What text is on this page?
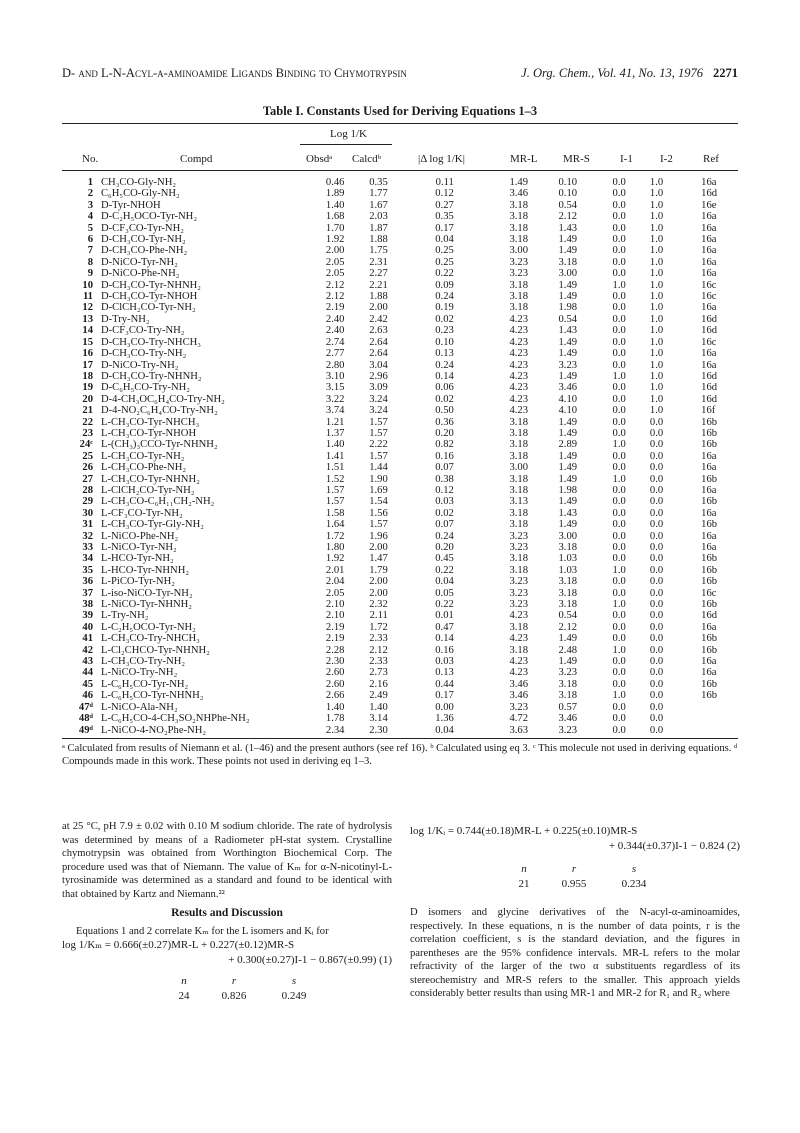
D- and L-N-Acyl-α-aminoamide Ligands Binding to Chymotrypsin	J. Org. Chem., Vol. 41, No. 13, 1976 2271
Table I. Constants Used for Deriving Equations 1–3
Log 1/K
No.	Compd	Obsdᵃ Calcdᵇ	|Δ log 1/K|	MR-L MR-S	I-1 I-2	Ref
1	CH₃CO-Gly-NH₂	0.46	0.35	0.11	1.49	0.10	0.0	1.0	16a
2	C₆H₅CO-Gly-NH₂	1.89	1.77	0.12	3.46	0.10	0.0	1.0	16d
3	D-Tyr-NHOH	1.40	1.67	0.27	3.18	0.54	0.0	1.0	16e
4	D-C₂H₅OCO-Tyr-NH₂	1.68	2.03	0.35	3.18	2.12	0.0	1.0	16a
5	D-CF₃CO-Tyr-NH₂	1.70	1.87	0.17	3.18	1.43	0.0	1.0	16a
6	D-CH₃CO-Tyr-NH₂	1.92	1.88	0.04	3.18	1.49	0.0	1.0	16a
7	D-CH₃CO-Phe-NH₂	2.00	1.75	0.25	3.00	1.49	0.0	1.0	16a
8	D-NiCO-Tyr-NH₂	2.05	2.31	0.25	3.23	3.18	0.0	1.0	16a
9	D-NiCO-Phe-NH₂	2.05	2.27	0.22	3.23	3.00	0.0	1.0	16a
10	D-CH₃CO-Tyr-NHNH₂	2.12	2.21	0.09	3.18	1.49	1.0	1.0	16c
11	D-CH₃CO-Tyr-NHOH	2.12	1.88	0.24	3.18	1.49	0.0	1.0	16c
12	D-ClCH₂CO-Tyr-NH₂	2.19	2.00	0.19	3.18	1.98	0.0	1.0	16a
13	D-Try-NH₂	2.40	2.42	0.02	4.23	0.54	0.0	1.0	16d
14	D-CF₃CO-Try-NH₂	2.40	2.63	0.23	4.23	1.43	0.0	1.0	16d
15	D-CH₃CO-Try-NHCH₃	2.74	2.64	0.10	4.23	1.49	0.0	1.0	16c
16	D-CH₃CO-Try-NH₂	2.77	2.64	0.13	4.23	1.49	0.0	1.0	16a
17	D-NiCO-Try-NH₂	2.80	3.04	0.24	4.23	3.23	0.0	1.0	16a
18	D-CH₃CO-Try-NHNH₂	3.10	2.96	0.14	4.23	1.49	1.0	1.0	16d
19	D-C₆H₅CO-Try-NH₂	3.15	3.09	0.06	4.23	3.46	0.0	1.0	16d
20	D-4-CH₃OC₆H₄CO-Try-NH₂	3.22	3.24	0.02	4.23	4.10	0.0	1.0	16d
21	D-4-NO₂C₆H₄CO-Try-NH₂	3.74	3.24	0.50	4.23	4.10	0.0	1.0	16f
22	L-CH₃CO-Tyr-NHCH₃	1.21	1.57	0.36	3.18	1.49	0.0	0.0	16b
23	L-CH₃CO-Tyr-NHOH	1.37	1.57	0.20	3.18	1.49	0.0	0.0	16b
24ᶜ	L-(CH₃)₃CCO-Tyr-NHNH₂	1.40	2.22	0.82	3.18	2.89	1.0	0.0	16b
25	L-CH₃CO-Tyr-NH₂	1.41	1.57	0.16	3.18	1.49	0.0	0.0	16a
26	L-CH₃CO-Phe-NH₂	1.51	1.44	0.07	3.00	1.49	0.0	0.0	16a
27	L-CH₃CO-Tyr-NHNH₂	1.52	1.90	0.38	3.18	1.49	1.0	0.0	16b
28	L-ClCH₂CO-Tyr-NH₂	1.57	1.69	0.12	3.18	1.98	0.0	0.0	16a
29	L-CH₃CO-C₆H₁₁CH₂-NH₂	1.57	1.54	0.03	3.13	1.49	0.0	0.0	16b
30	L-CF₃CO-Tyr-NH₂	1.58	1.56	0.02	3.18	1.43	0.0	0.0	16a
31	L-CH₃CO-Tyr-Gly-NH₂	1.64	1.57	0.07	3.18	1.49	0.0	0.0	16b
32	L-NiCO-Phe-NH₂	1.72	1.96	0.24	3.23	3.00	0.0	0.0	16a
33	L-NiCO-Tyr-NH₂	1.80	2.00	0.20	3.23	3.18	0.0	0.0	16a
34	L-HCO-Tyr-NH₂	1.92	1.47	0.45	3.18	1.03	0.0	0.0	16b
35	L-HCO-Tyr-NHNH₂	2.01	1.79	0.22	3.18	1.03	1.0	0.0	16b
36	L-PiCO-Tyr-NH₂	2.04	2.00	0.04	3.23	3.18	0.0	0.0	16b
37	L-iso-NiCO-Tyr-NH₂	2.05	2.00	0.05	3.23	3.18	0.0	0.0	16c
38	L-NiCO-Tyr-NHNH₂	2.10	2.32	0.22	3.23	3.18	1.0	0.0	16b
39	L-Try-NH₂	2.10	2.11	0.01	4.23	0.54	0.0	0.0	16d
40	L-C₂H₅OCO-Tyr-NH₂	2.19	1.72	0.47	3.18	2.12	0.0	0.0	16a
41	L-CH₃CO-Try-NHCH₃	2.19	2.33	0.14	4.23	1.49	0.0	0.0	16b
42	L-Cl₂CHCO-Tyr-NHNH₂	2.28	2.12	0.16	3.18	2.48	1.0	0.0	16b
43	L-CH₃CO-Try-NH₂	2.30	2.33	0.03	4.23	1.49	0.0	0.0	16a
44	L-NiCO-Try-NH₂	2.60	2.73	0.13	4.23	3.23	0.0	0.0	16a
45	L-C₆H₅CO-Tyr-NH₂	2.60	2.16	0.44	3.46	3.18	0.0	0.0	16b
46	L-C₆H₅CO-Tyr-NHNH₂	2.66	2.49	0.17	3.46	3.18	1.0	0.0	16b
47ᵈ	L-NiCO-Ala-NH₂	1.40	1.40	0.00	3.23	0.57	0.0	0.0	
48ᵈ	L-C₆H₅CO-4-CH₃SO₂NHPhe-NH₂	1.78	3.14	1.36	4.72	3.46	0.0	0.0	
49ᵈ	L-NiCO-4-NO₂Phe-NH₂	2.34	2.30	0.04	3.63	3.23	0.0	0.0	
ᵃ Calculated from results of Niemann et al. (1–46) and the present authors (see ref 16). ᵇ Calculated using eq 3. ᶜ This molecule not used in deriving equations. ᵈ Compounds made in this work. These points not used in deriving eq 1–3.
at 25 °C, pH 7.9 ± 0.02 with 0.10 M sodium chloride. The rate of hydrolysis was determined by means of a Radiometer pH-stat system. Crystalline chymotrypsin was obtained from Worthington Biochemical Corp. The procedure used was that of Niemann. The value of Kₘ for α-N-nicotinyl-L-tyrosinamide was determined as a standard and found to be identical with that obtained by Kartz and Niemann.²²
Results and Discussion
Equations 1 and 2 correlate Kₘ for the L isomers and Kᵢ for
log 1/Kₘ = 0.666(±0.27)MR-L + 0.227(±0.12)MR-S
+ 0.300(±0.27)I-1 − 0.867(±0.99) (1)
n	r	s
24	0.826	0.249
log 1/Kᵢ = 0.744(±0.18)MR-L + 0.225(±0.10)MR-S
+ 0.344(±0.37)I-1 − 0.824 (2)
n	r	s
21	0.955	0.234
D isomers and glycine derivatives of the N-acyl-α-aminoamides, respectively. In these equations, n is the number of data points, r is the correlation coefficient, s is the standard deviation, and the figures in parentheses are the 95% confidence intervals. MR-L refers to the molar refractivity of the larger of the two α substituents regardless of its stereochemistry and MR-S refers to the smaller. This approach yields considerably better results than using MR-1 and MR-2 for R₁ and R₂ where
